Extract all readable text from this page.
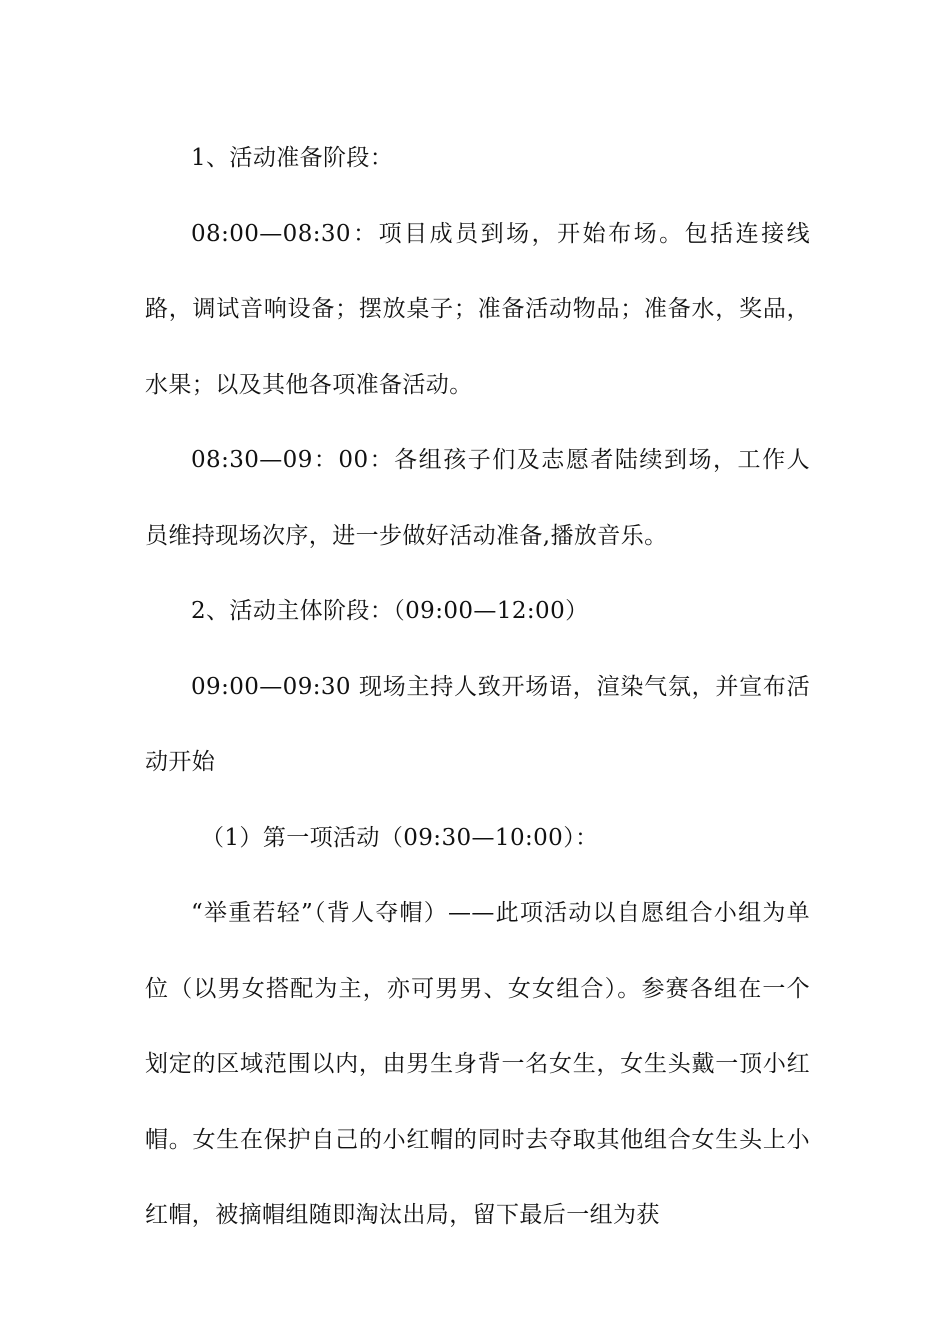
1、活动准备阶段：

08:00—08:30：项目成员到场，开始布场。包括连接线路，调试音响设备；摆放桌子；准备活动物品；准备水，奖品，水果；以及其他各项准备活动。

08:30—09：00：各组孩子们及志愿者陆续到场，工作人员维持现场次序，进一步做好活动准备,播放音乐。

2、活动主体阶段：（09:00—12:00）

09:00—09:30 现场主持人致开场语，渲染气氛，并宣布活动开始

（1）第一项活动（09:30—10:00）：

“举重若轻”（背人夺帽）——此项活动以自愿组合小组为单位（以男女搭配为主，亦可男男、女女组合）。参赛各组在一个划定的区域范围以内，由男生身背一名女生，女生头戴一顶小红帽。女生在保护自己的小红帽的同时去夺取其他组合女生头上小红帽，被摘帽组随即淘汰出局，留下最后一组为获
